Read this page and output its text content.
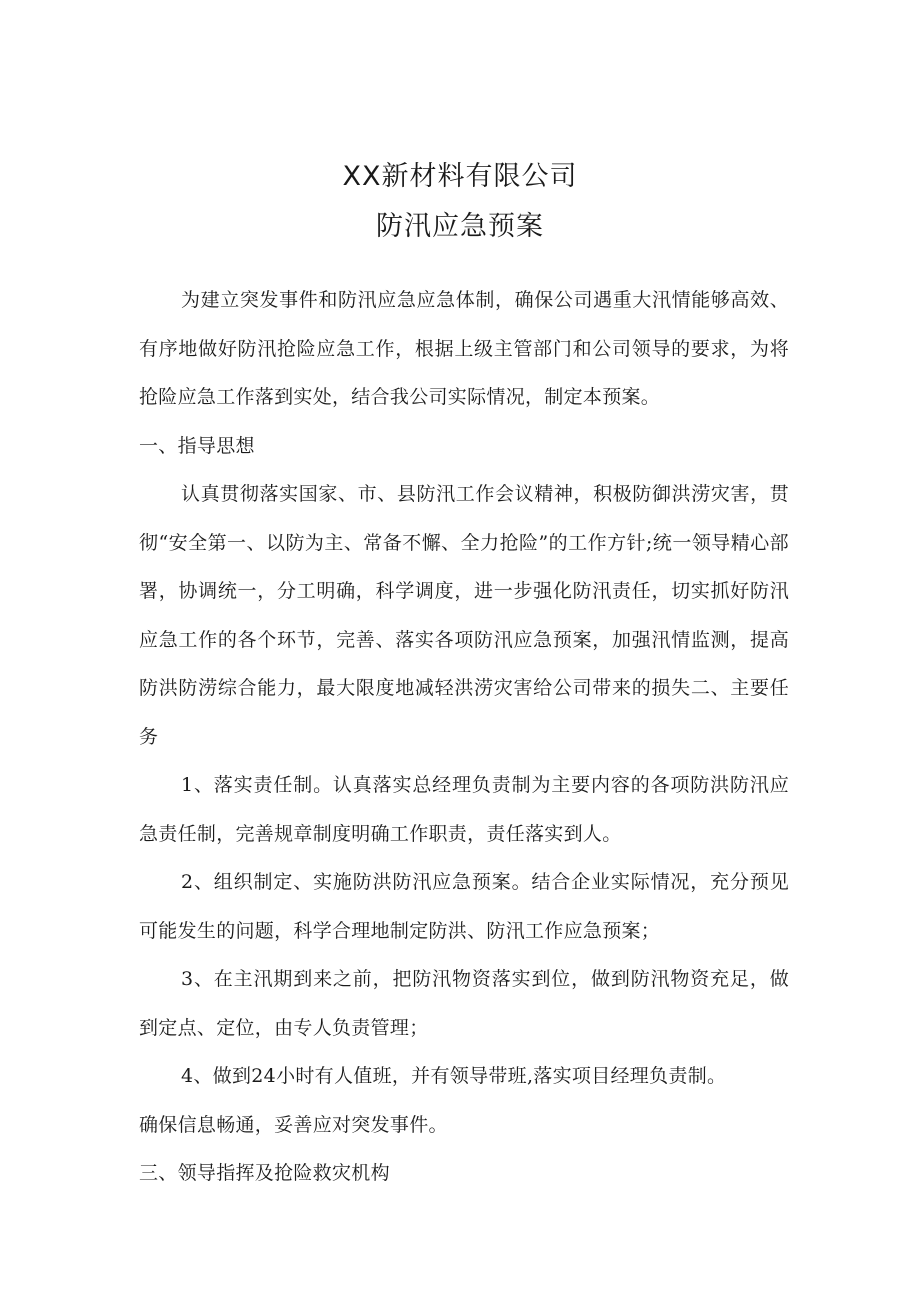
XX新材料有限公司
防汛应急预案

为建立突发事件和防汛应急应急体制，确保公司遇重大汛情能够高效、有序地做好防汛抢险应急工作，根据上级主管部门和公司领导的要求，为将抢险应急工作落到实处，结合我公司实际情况，制定本预案。

一、指导思想

认真贯彻落实国家、市、县防汛工作会议精神，积极防御洪涝灾害，贯彻“安全第一、以防为主、常备不懈、全力抢险”的工作方针;统一领导精心部署，协调统一，分工明确，科学调度，进一步强化防汛责任，切实抓好防汛应急工作的各个环节，完善、落实各项防汛应急预案，加强汛情监测，提高防洪防涝综合能力，最大限度地减轻洪涝灾害给公司带来的损失二、主要任务

1、落实责任制。认真落实总经理负责制为主要内容的各项防洪防汛应急责任制，完善规章制度明确工作职责，责任落实到人。

2、组织制定、实施防洪防汛应急预案。结合企业实际情况，充分预见可能发生的问题，科学合理地制定防洪、防汛工作应急预案；

3、在主汛期到来之前，把防汛物资落实到位，做到防汛物资充足，做到定点、定位，由专人负责管理；

4、做到24小时有人值班，并有领导带班,落实项目经理负责制。

确保信息畅通，妥善应对突发事件。

三、领导指挥及抢险救灾机构
